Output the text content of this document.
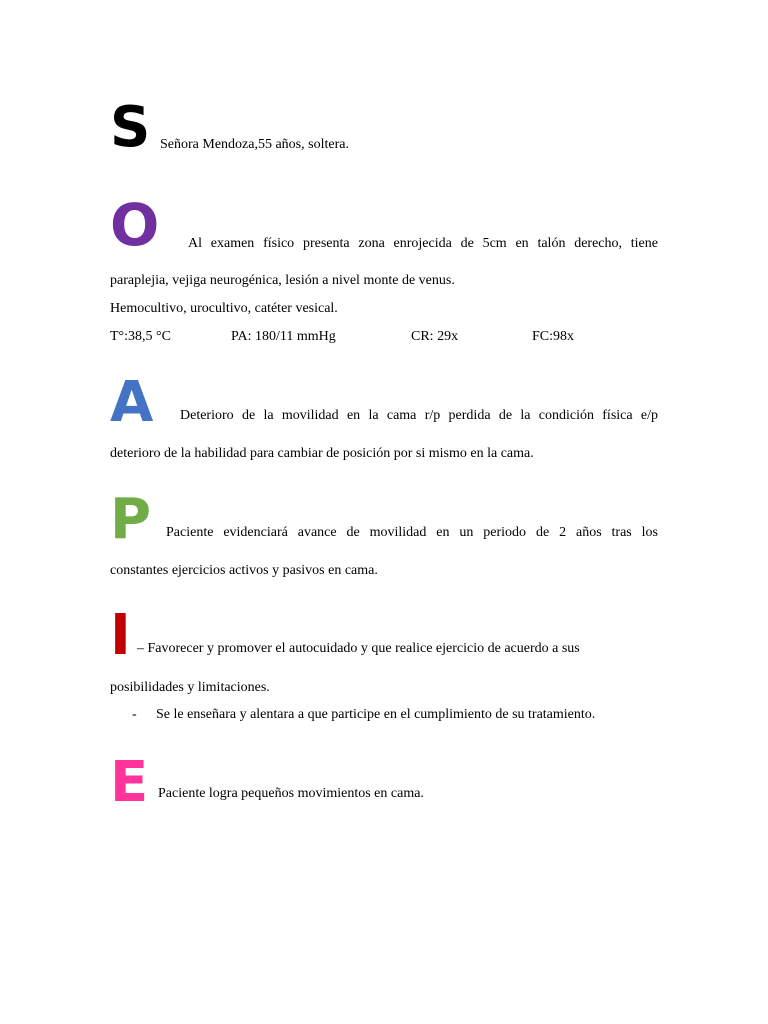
S Señora Mendoza,55 años, soltera.
O Al examen físico presenta zona enrojecida de 5cm en talón derecho, tiene
paraplejia, vejiga neurogénica, lesión a nivel monte de venus.
Hemocultivo, urocultivo, catéter vesical.
T°:38,5 °C	PA: 180/11 mmHg	CR: 29x	FC:98x
A Deterioro de la movilidad en la cama r/p perdida de la condición física e/p
deterioro de la habilidad para cambiar de posición por si mismo en la cama.
P Paciente evidenciará avance de movilidad en un periodo de 2 años tras los
constantes ejercicios activos y pasivos en cama.
I – Favorecer y promover el autocuidado y que realice ejercicio de acuerdo a sus
posibilidades y limitaciones.
- Se le enseñara y alentara a que participe en el cumplimiento de su tratamiento.
E Paciente logra pequeños movimientos en cama.
